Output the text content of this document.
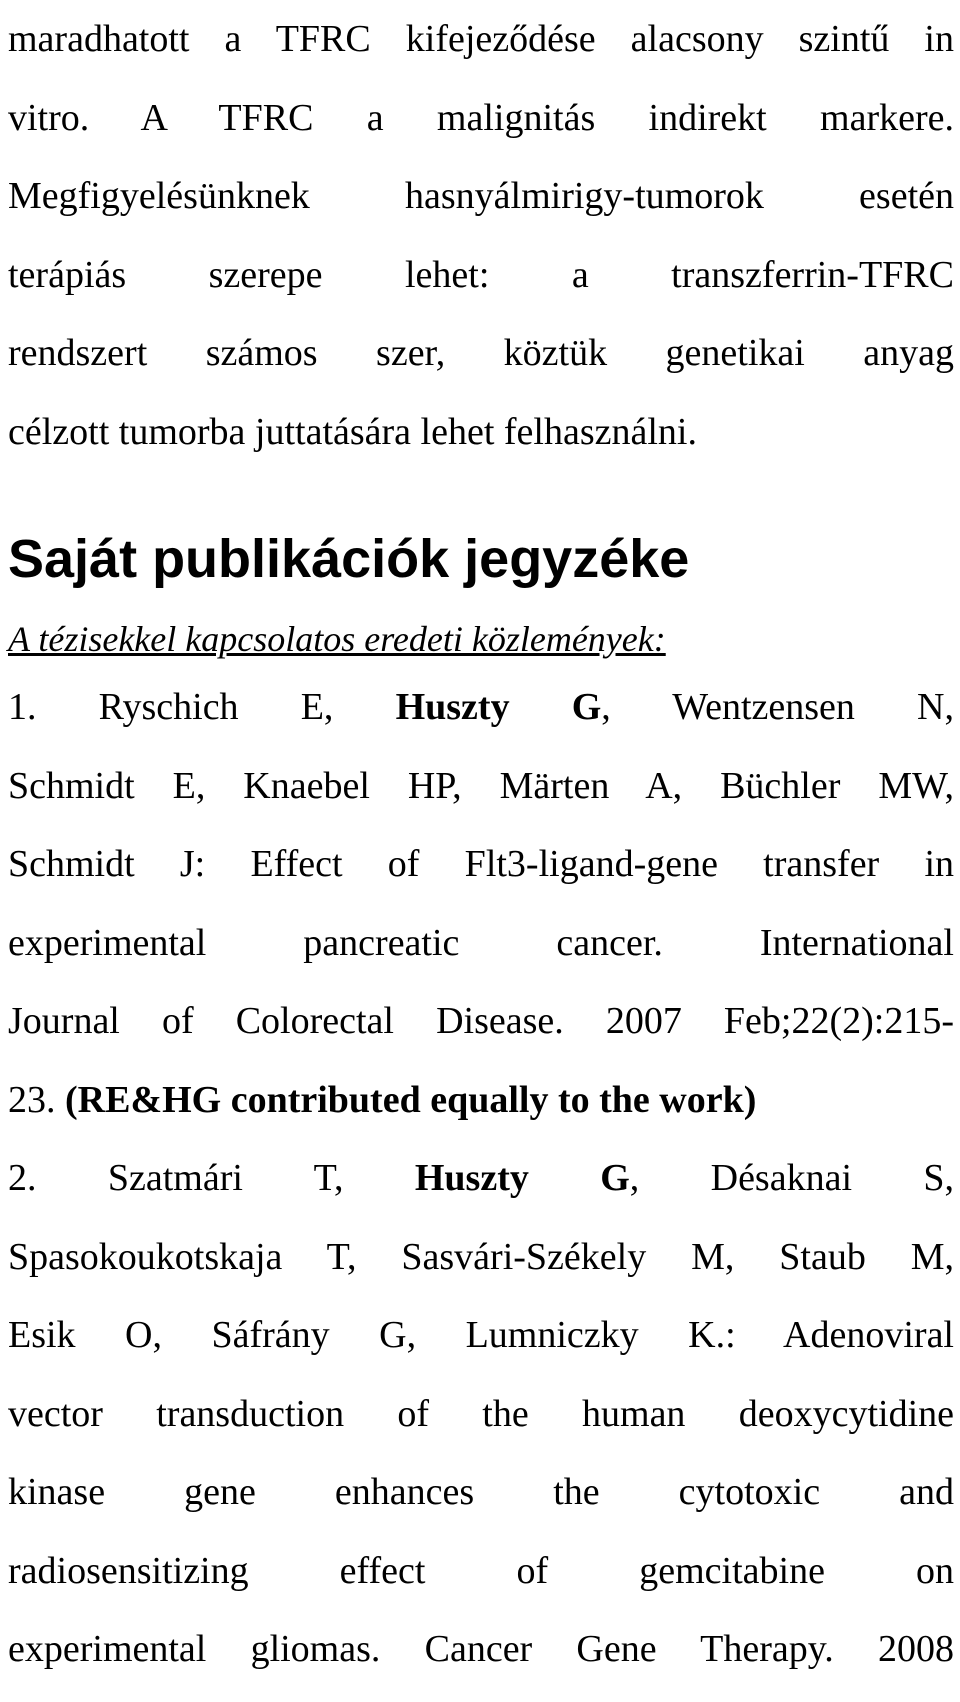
maradhatott a TFRC kifejeződése alacsony szintű in
vitro. A TFRC a malignitás indirekt markere.
Megfigyelésünknek hasnyálmirigy-tumorok esetén
terápiás szerepe lehet: a transzferrin-TFRC
rendszert számos szer, köztük genetikai anyag
célzott tumorba juttatására lehet felhasználni.
Saját publikációk jegyzéke

A tézisekkel kapcsolatos eredeti közlemények:

1. Ryschich E, Huszty G, Wentzensen N,
Schmidt E, Knaebel HP, Märten A, Büchler MW,
Schmidt J: Effect of Flt3-ligand-gene transfer in
experimental pancreatic cancer. International
Journal of Colorectal Disease. 2007 Feb;22(2):215-
23. (RE&HG contributed equally to the work)
2. Szatmári T, Huszty G, Désaknai S,
Spasokoukotskaja T, Sasvári-Székely M, Staub M,
Esik O, Sáfrány G, Lumniczky K.: Adenoviral
vector transduction of the human deoxycytidine
kinase gene enhances the cytotoxic and
radiosensitizing effect of gemcitabine on
experimental gliomas. Cancer Gene Therapy. 2008
